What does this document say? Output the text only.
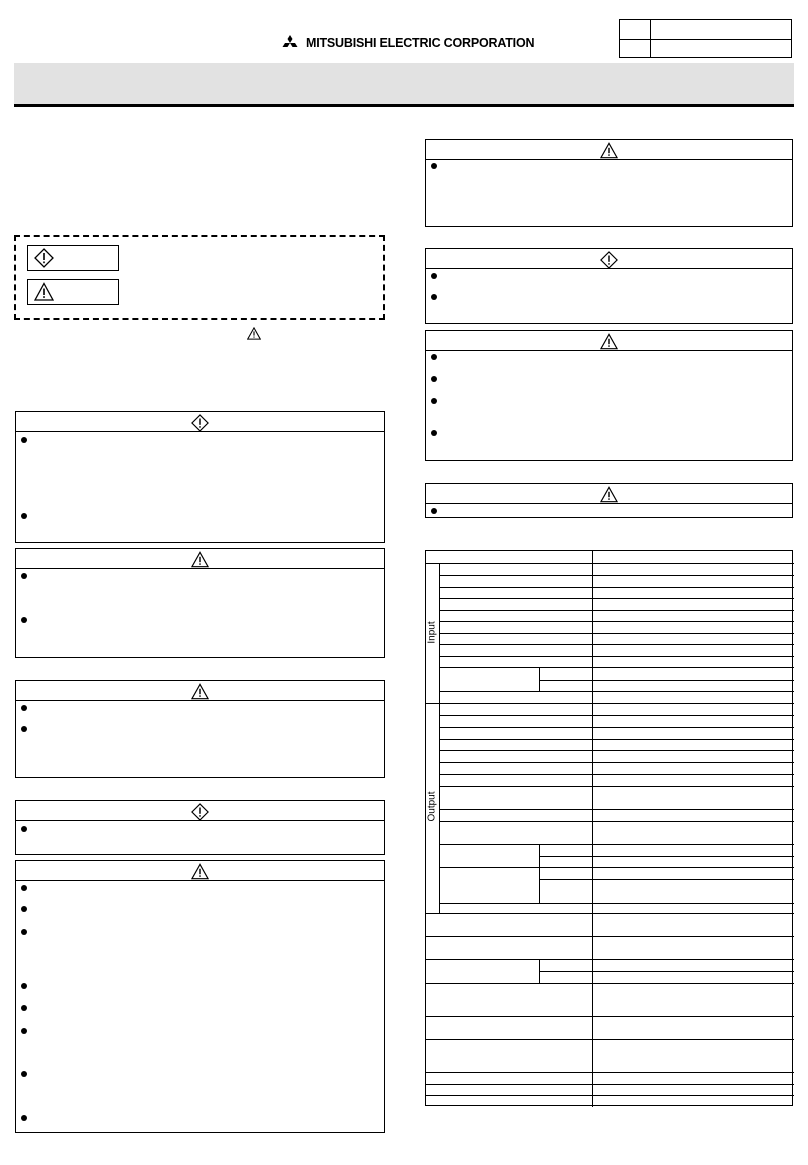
MITSUBISHI ELECTRIC CORPORATION
Input
Output
